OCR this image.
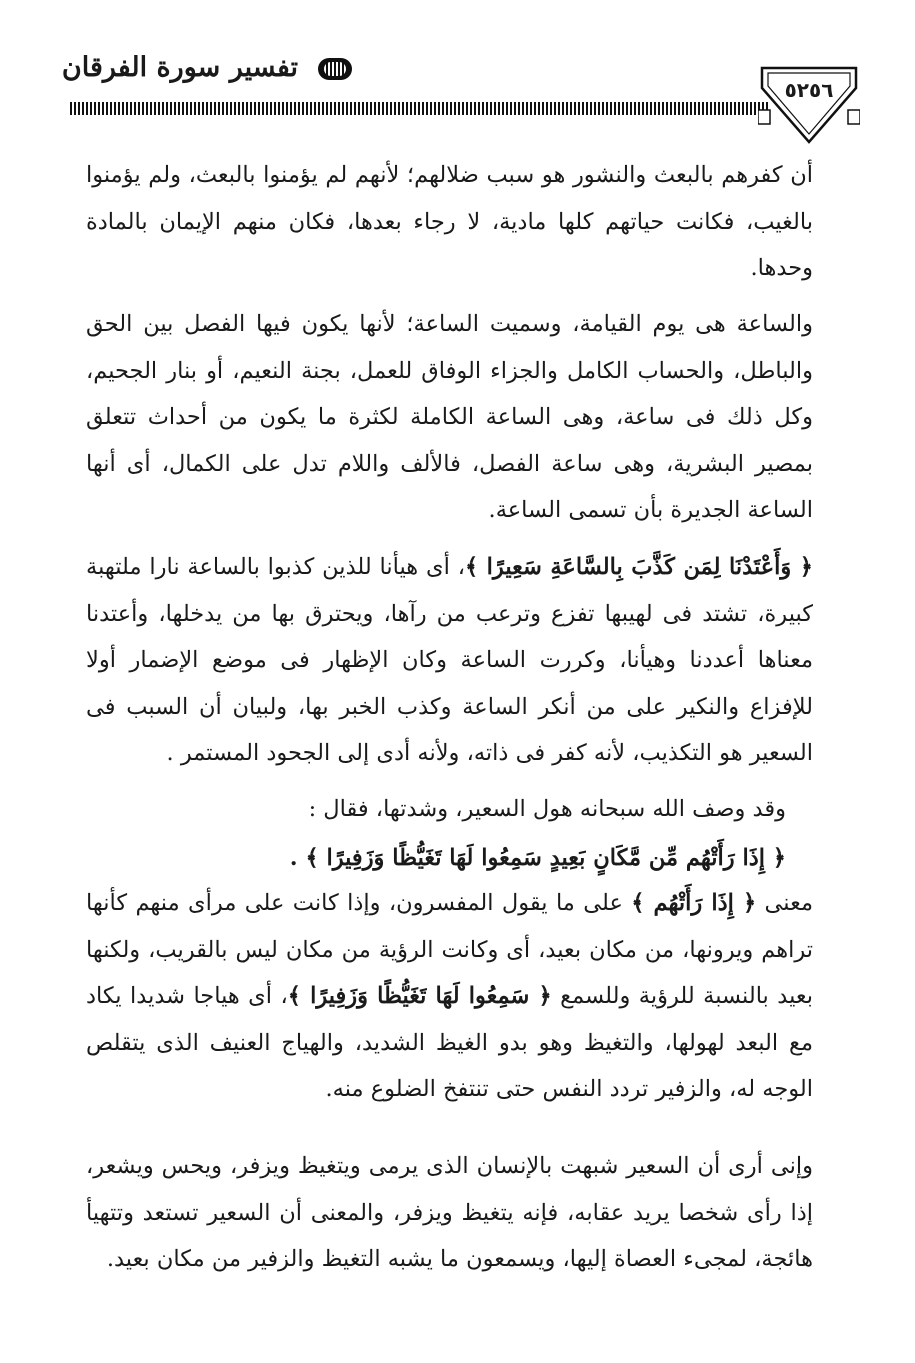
تفسير سورة الفرقان
٥٢٥٦
أن كفرهم بالبعث والنشور هو سبب ضلالهم؛ لأنهم لم يؤمنوا بالبعث، ولم يؤمنوا بالغيب، فكانت حياتهم كلها مادية، لا رجاء بعدها، فكان منهم الإيمان بالمادة وحدها.
والساعة هى يوم القيامة، وسميت الساعة؛ لأنها يكون فيها الفصل بين الحق والباطل، والحساب الكامل والجزاء الوفاق للعمل، بجنة النعيم، أو بنار الجحيم، وكل ذلك فى ساعة، وهى الساعة الكاملة لكثرة ما يكون من أحداث تتعلق بمصير البشرية، وهى ساعة الفصل، فالألف واللام تدل على الكمال، أى أنها الساعة الجديرة بأن تسمى الساعة.
﴿ وَأَعْتَدْنَا لِمَن كَذَّبَ بِالسَّاعَةِ سَعِيرًا ﴾، أى هيأنا للذين كذبوا بالساعة نارا ملتهبة كبيرة، تشتد فى لهيبها تفزع وترعب من رآها، ويحترق بها من يدخلها، وأعتدنا معناها أعددنا وهيأنا، وكررت الساعة وكان الإظهار فى موضع الإضمار أولا للإفزاع والنكير على من أنكر الساعة وكذب الخبر بها، ولبيان أن السبب فى السعير هو التكذيب، لأنه كفر فى ذاته، ولأنه أدى إلى الجحود المستمر .
وقد وصف الله سبحانه هول السعير، وشدتها، فقال :
﴿ إِذَا رَأَتْهُم مِّن مَّكَانٍ بَعِيدٍ سَمِعُوا لَهَا تَغَيُّظًا وَزَفِيرًا ﴾ .
معنى ﴿ إِذَا رَأَتْهُم ﴾ على ما يقول المفسرون، وإذا كانت على مرأى منهم كأنها تراهم ويرونها، من مكان بعيد، أى وكانت الرؤية من مكان ليس بالقريب، ولكنها بعيد بالنسبة للرؤية وللسمع ﴿ سَمِعُوا لَهَا تَغَيُّظًا وَزَفِيرًا ﴾، أى هياجا شديدا يكاد مع البعد لهولها، والتغيظ وهو بدو الغيظ الشديد، والهياج العنيف الذى يتقلص الوجه له، والزفير تردد النفس حتى تنتفخ الضلوع منه.
وإنى أرى أن السعير شبهت بالإنسان الذى يرمى ويتغيظ ويزفر، ويحس ويشعر، إذا رأى شخصا يريد عقابه، فإنه يتغيظ ويزفر، والمعنى أن السعير تستعد وتتهيأ هائجة، لمجىء العصاة إليها، ويسمعون ما يشبه التغيظ والزفير من مكان بعيد.
